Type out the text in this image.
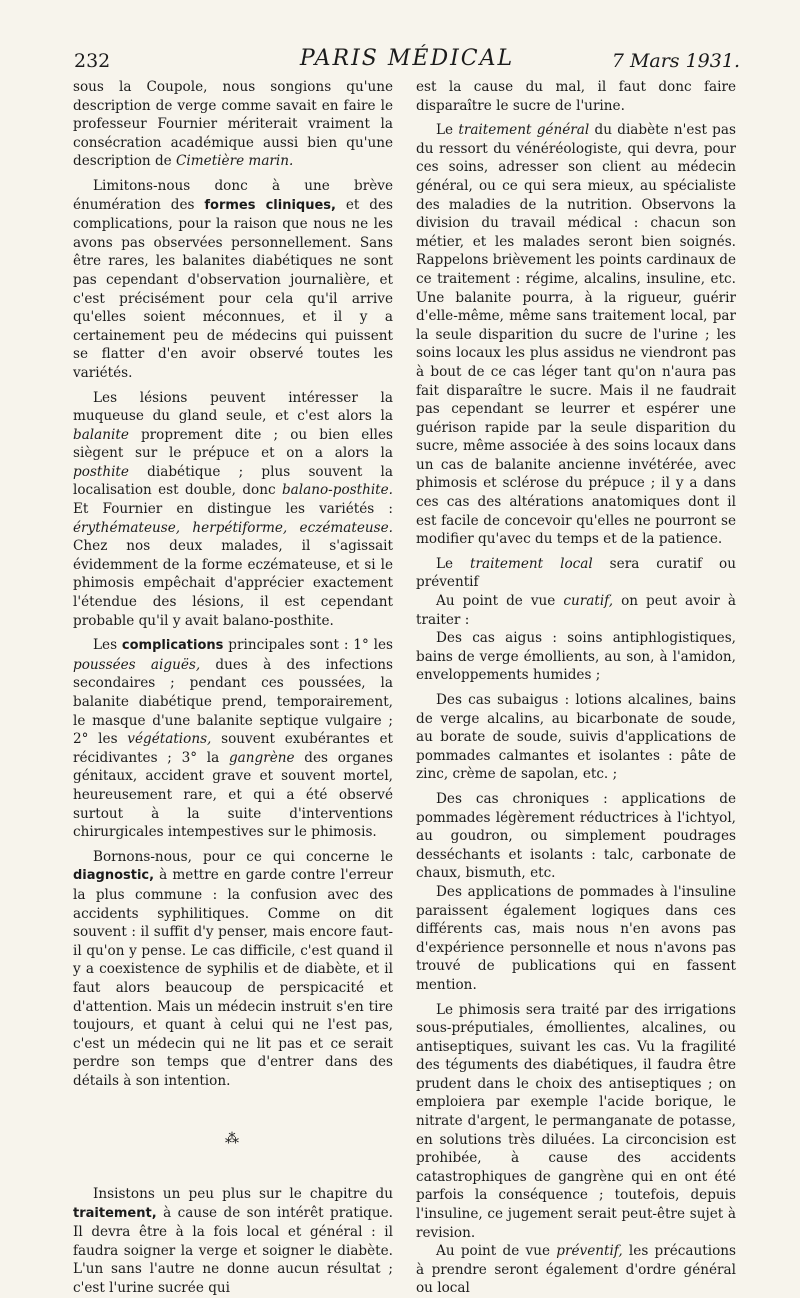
232	PARIS MÉDICAL	7 Mars 1931.

sous la Coupole, nous songions qu'une description de verge comme savait en faire le professeur Fournier mériterait vraiment la consécration académique aussi bien qu'une description de Cimetière marin.

Limitons-nous donc à une brève énumération des formes cliniques, et des complications, pour la raison que nous ne les avons pas observées personnellement. Sans être rares, les balanites diabétiques ne sont pas cependant d'observation journalière, et c'est précisément pour cela qu'il arrive qu'elles soient méconnues, et il y a certainement peu de médecins qui puissent se flatter d'en avoir observé toutes les variétés.

Les lésions peuvent intéresser la muqueuse du gland seule, et c'est alors la balanite proprement dite ; ou bien elles siègent sur le prépuce et on a alors la posthite diabétique ; plus souvent la localisation est double, donc balano-posthite. Et Fournier en distingue les variétés : érythémateuse, herpétiforme, eczémateuse. Chez nos deux malades, il s'agissait évidemment de la forme eczémateuse, et si le phimosis empêchait d'apprécier exactement l'étendue des lésions, il est cependant probable qu'il y avait balano-posthite.

Les complications principales sont : 1° les poussées aiguës, dues à des infections secondaires ; pendant ces poussées, la balanite diabétique prend, temporairement, le masque d'une balanite septique vulgaire ; 2° les végétations, souvent exubérantes et récidivantes ; 3° la gangrène des organes génitaux, accident grave et souvent mortel, heureusement rare, et qui a été observé surtout à la suite d'interventions chirurgicales intempestives sur le phimosis.

Bornons-nous, pour ce qui concerne le diagnostic, à mettre en garde contre l'erreur la plus commune : la confusion avec des accidents syphilitiques. Comme on dit souvent : il suffit d'y penser, mais encore faut-il qu'on y pense. Le cas difficile, c'est quand il y a coexistence de syphilis et de diabète, et il faut alors beaucoup de perspicacité et d'attention. Mais un médecin instruit s'en tire toujours, et quant à celui qui ne l'est pas, c'est un médecin qui ne lit pas et ce serait perdre son temps que d'entrer dans des détails à son intention.

⁂

Insistons un peu plus sur le chapitre du traitement, à cause de son intérêt pratique. Il devra être à la fois local et général : il faudra soigner la verge et soigner le diabète. L'un sans l'autre ne donne aucun résultat ; c'est l'urine sucrée qui

est la cause du mal, il faut donc faire disparaître le sucre de l'urine.

Le traitement général du diabète n'est pas du ressort du vénéréologiste, qui devra, pour ces soins, adresser son client au médecin général, ou ce qui sera mieux, au spécialiste des maladies de la nutrition. Observons la division du travail médical : chacun son métier, et les malades seront bien soignés. Rappelons brièvement les points cardinaux de ce traitement : régime, alcalins, insuline, etc. Une balanite pourra, à la rigueur, guérir d'elle-même, même sans traitement local, par la seule disparition du sucre de l'urine ; les soins locaux les plus assidus ne viendront pas à bout de ce cas léger tant qu'on n'aura pas fait disparaître le sucre. Mais il ne faudrait pas cependant se leurrer et espérer une guérison rapide par la seule disparition du sucre, même associée à des soins locaux dans un cas de balanite ancienne invétérée, avec phimosis et sclérose du prépuce ; il y a dans ces cas des altérations anatomiques dont il est facile de concevoir qu'elles ne pourront se modifier qu'avec du temps et de la patience.

Le traitement local sera curatif ou préventif

Au point de vue curatif, on peut avoir à traiter :

Des cas aigus : soins antiphlogistiques, bains de verge émollients, au son, à l'amidon, enveloppements humides ;

Des cas subaigus : lotions alcalines, bains de verge alcalins, au bicarbonate de soude, au borate de soude, suivis d'applications de pommades calmantes et isolantes : pâte de zinc, crème de sapolan, etc. ;

Des cas chroniques : applications de pommades légèrement réductrices à l'ichtyol, au goudron, ou simplement poudrages desséchants et isolants : talc, carbonate de chaux, bismuth, etc.

Des applications de pommades à l'insuline paraissent également logiques dans ces différents cas, mais nous n'en avons pas d'expérience personnelle et nous n'avons pas trouvé de publications qui en fassent mention.

Le phimosis sera traité par des irrigations sous-préputiales, émollientes, alcalines, ou antiseptiques, suivant les cas. Vu la fragilité des téguments des diabétiques, il faudra être prudent dans le choix des antiseptiques ; on emploiera par exemple l'acide borique, le nitrate d'argent, le permanganate de potasse, en solutions très diluées. La circoncision est prohibée, à cause des accidents catastrophiques de gangrène qui en ont été parfois la conséquence ; toutefois, depuis l'insuline, ce jugement serait peut-être sujet à revision.

Au point de vue préventif, les précautions à prendre seront également d'ordre général ou local
